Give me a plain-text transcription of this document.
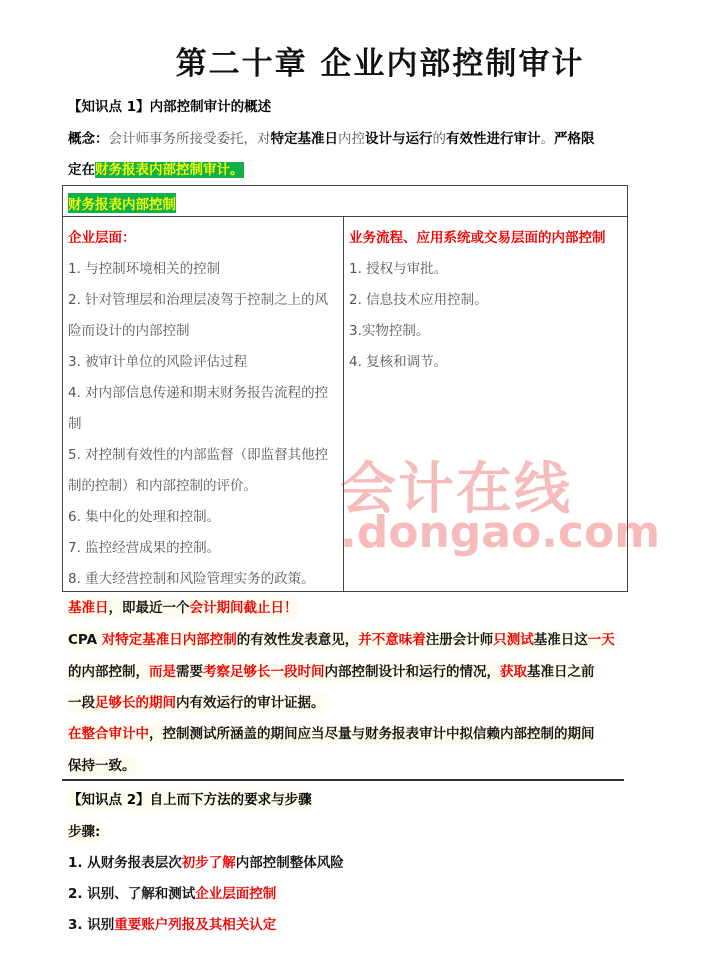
会计在线
.dongao.com
第二十章 企业内部控制审计
【知识点 1】内部控制审计的概述
概念：会计师事务所接受委托，对特定基准日内控设计与运行的有效性进行审计。严格限
定在财务报表内部控制审计。
财务报表内部控制
企业层面：
1. 与控制环境相关的控制
2. 针对管理层和治理层凌驾于控制之上的风
险而设计的内部控制
3. 被审计单位的风险评估过程
4. 对内部信息传递和期末财务报告流程的控
制
5. 对控制有效性的内部监督（即监督其他控
制的控制）和内部控制的评价。
6. 集中化的处理和控制。
7. 监控经营成果的控制。
8. 重大经营控制和风险管理实务的政策。
业务流程、应用系统或交易层面的内部控制
1. 授权与审批。
2. 信息技术应用控制。
3.实物控制。
4. 复核和调节。
基准日，即最近一个会计期间截止日！
CPA 对特定基准日内部控制的有效性发表意见，并不意味着注册会计师只测试基准日这一天
的内部控制，而是需要考察足够长一段时间内部控制设计和运行的情况，获取基准日之前
一段足够长的期间内有效运行的审计证据。
在整合审计中，控制测试所涵盖的期间应当尽量与财务报表审计中拟信赖内部控制的期间
保持一致。
【知识点 2】自上而下方法的要求与步骤
步骤:
1. 从财务报表层次初步了解内部控制整体风险
2. 识别、了解和测试企业层面控制
3. 识别重要账户列报及其相关认定
